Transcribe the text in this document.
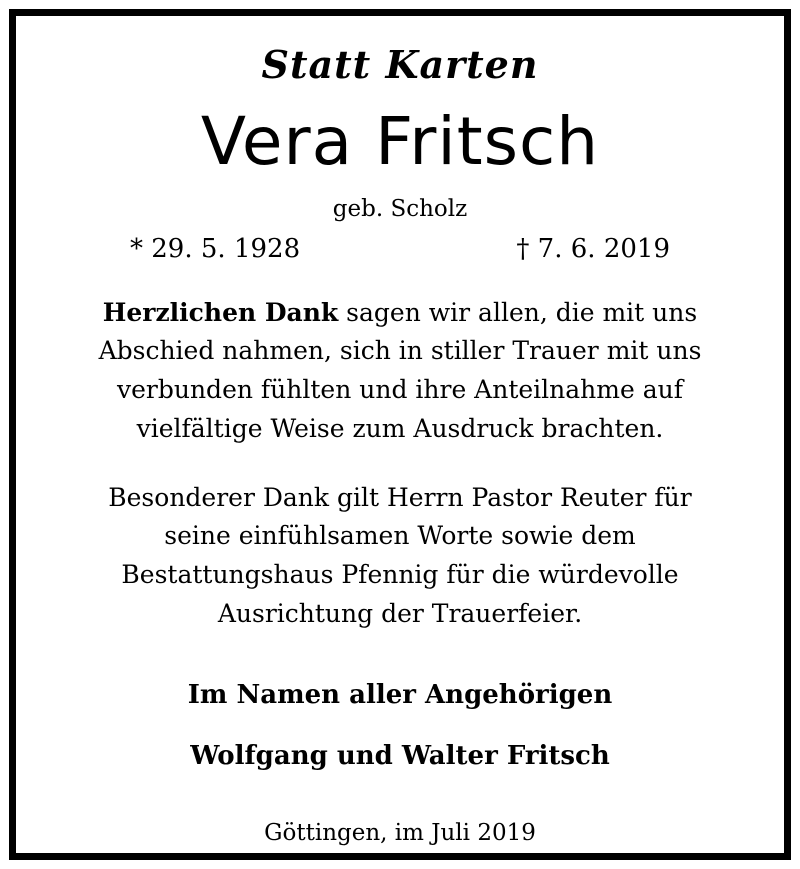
Statt Karten
Vera Fritsch
geb. Scholz
* 29. 5. 1928	† 7. 6. 2019
Herzlichen Dank sagen wir allen, die mit uns Abschied nahmen, sich in stiller Trauer mit uns verbunden fühlten und ihre Anteilnahme auf vielfältige Weise zum Ausdruck brachten.
Besonderer Dank gilt Herrn Pastor Reuter für seine einfühlsamen Worte sowie dem Bestattungshaus Pfennig für die würdevolle Ausrichtung der Trauerfeier.
Im Namen aller Angehörigen
Wolfgang und Walter Fritsch
Göttingen, im Juli 2019
